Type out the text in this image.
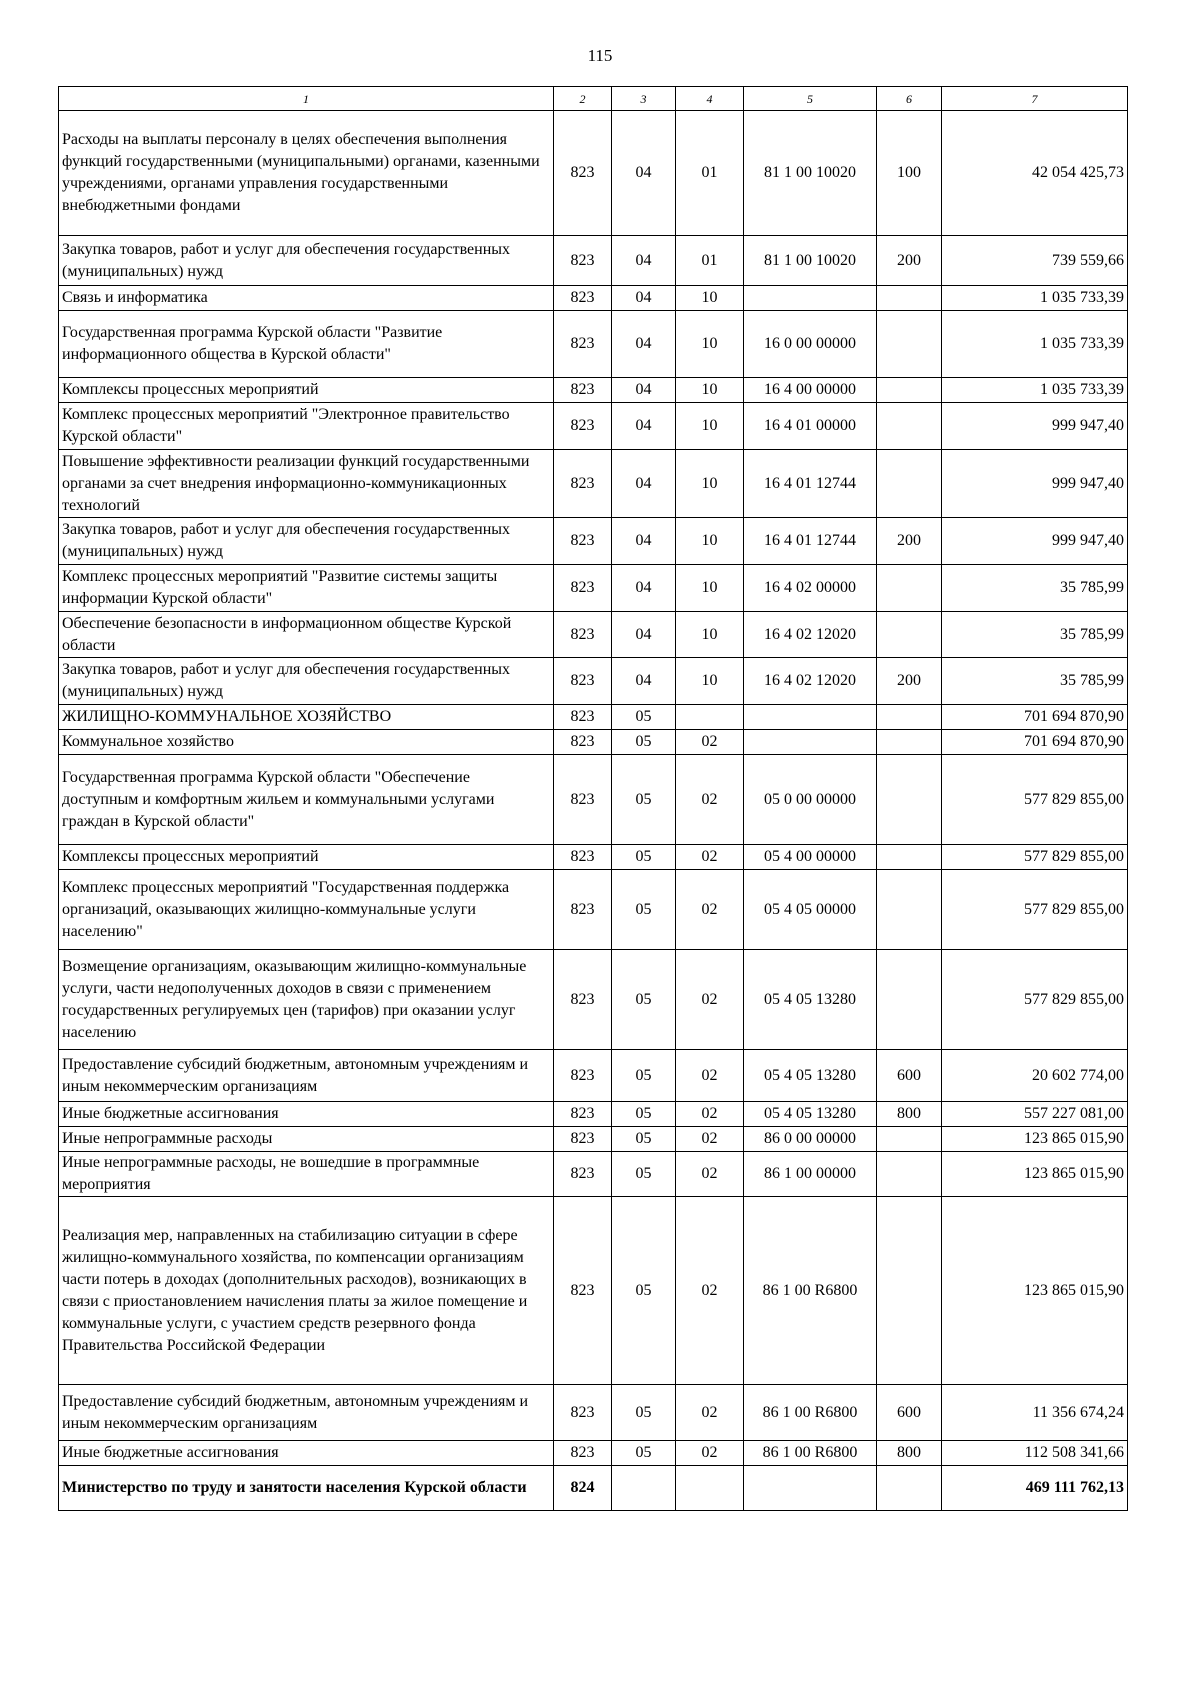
115
1	2	3	4	5	6	7
Расходы на выплаты персоналу в целях обеспечения выполнения функций государственными (муниципальными) органами, казенными учреждениями, органами управления государственными внебюджетными фондами	823	04	01	81 1 00 10020	100	42 054 425,73
Закупка товаров, работ и услуг для обеспечения государственных (муниципальных) нужд	823	04	01	81 1 00 10020	200	739 559,66
Связь и информатика	823	04	10			1 035 733,39
Государственная программа Курской области "Развитие информационного общества в Курской области"	823	04	10	16 0 00 00000		1 035 733,39
Комплексы процессных мероприятий	823	04	10	16 4 00 00000		1 035 733,39
Комплекс процессных мероприятий "Электронное правительство Курской области"	823	04	10	16 4 01 00000		999 947,40
Повышение эффективности реализации функций государственными органами за счет внедрения информационно-коммуникационных технологий	823	04	10	16 4 01 12744		999 947,40
Закупка товаров, работ и услуг для обеспечения государственных (муниципальных) нужд	823	04	10	16 4 01 12744	200	999 947,40
Комплекс процессных мероприятий "Развитие системы защиты информации Курской области"	823	04	10	16 4 02 00000		35 785,99
Обеспечение безопасности в информационном обществе Курской области	823	04	10	16 4 02 12020		35 785,99
Закупка товаров, работ и услуг для обеспечения государственных (муниципальных) нужд	823	04	10	16 4 02 12020	200	35 785,99
ЖИЛИЩНО-КОММУНАЛЬНОЕ ХОЗЯЙСТВО	823	05				701 694 870,90
Коммунальное хозяйство	823	05	02			701 694 870,90
Государственная программа Курской области "Обеспечение доступным и комфортным жильем и коммунальными услугами граждан в Курской области"	823	05	02	05 0 00 00000		577 829 855,00
Комплексы процессных мероприятий	823	05	02	05 4 00 00000		577 829 855,00
Комплекс процессных мероприятий "Государственная поддержка организаций, оказывающих жилищно-коммунальные услуги населению"	823	05	02	05 4 05 00000		577 829 855,00
Возмещение организациям, оказывающим жилищно-коммунальные услуги, части недополученных доходов в связи с применением государственных регулируемых цен (тарифов) при оказании услуг населению	823	05	02	05 4 05 13280		577 829 855,00
Предоставление субсидий бюджетным, автономным учреждениям и иным некоммерческим организациям	823	05	02	05 4 05 13280	600	20 602 774,00
Иные бюджетные ассигнования	823	05	02	05 4 05 13280	800	557 227 081,00
Иные непрограммные расходы	823	05	02	86 0 00 00000		123 865 015,90
Иные непрограммные расходы, не вошедшие в программные мероприятия	823	05	02	86 1 00 00000		123 865 015,90
Реализация мер, направленных на стабилизацию ситуации в сфере жилищно-коммунального хозяйства, по компенсации организациям части потерь в доходах (дополнительных расходов), возникающих в связи с приостановлением начисления платы за жилое помещение и коммунальные услуги, с участием средств резервного фонда Правительства Российской Федерации	823	05	02	86 1 00 R6800		123 865 015,90
Предоставление субсидий бюджетным, автономным учреждениям и иным некоммерческим организациям	823	05	02	86 1 00 R6800	600	11 356 674,24
Иные бюджетные ассигнования	823	05	02	86 1 00 R6800	800	112 508 341,66
Министерство по труду и занятости населения Курской области	824					469 111 762,13
